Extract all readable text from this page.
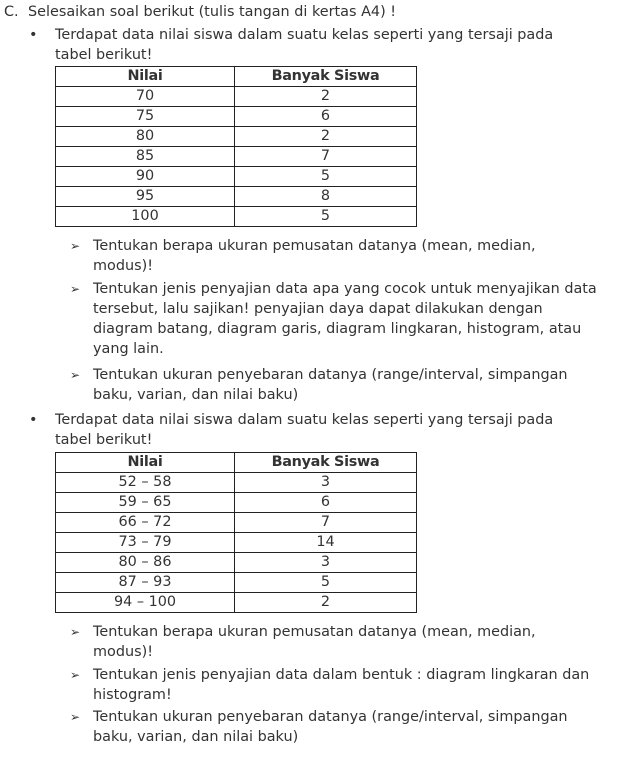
C. Selesaikan soal berikut (tulis tangan di kertas A4) !
• Terdapat data nilai siswa dalam suatu kelas seperti yang tersaji pada tabel berikut!
Nilai	Banyak Siswa
70	2
75	6
80	2
85	7
90	5
95	8
100	5
➢ Tentukan berapa ukuran pemusatan datanya (mean, median, modus)!
➢ Tentukan jenis penyajian data apa yang cocok untuk menyajikan data tersebut, lalu sajikan! penyajian daya dapat dilakukan dengan diagram batang, diagram garis, diagram lingkaran, histogram, atau yang lain.
➢ Tentukan ukuran penyebaran datanya (range/interval, simpangan baku, varian, dan nilai baku)
• Terdapat data nilai siswa dalam suatu kelas seperti yang tersaji pada tabel berikut!
Nilai	Banyak Siswa
52 – 58	3
59 – 65	6
66 – 72	7
73 – 79	14
80 – 86	3
87 – 93	5
94 – 100	2
➢ Tentukan berapa ukuran pemusatan datanya (mean, median, modus)!
➢ Tentukan jenis penyajian data dalam bentuk : diagram lingkaran dan histogram!
➢ Tentukan ukuran penyebaran datanya (range/interval, simpangan baku, varian, dan nilai baku)
